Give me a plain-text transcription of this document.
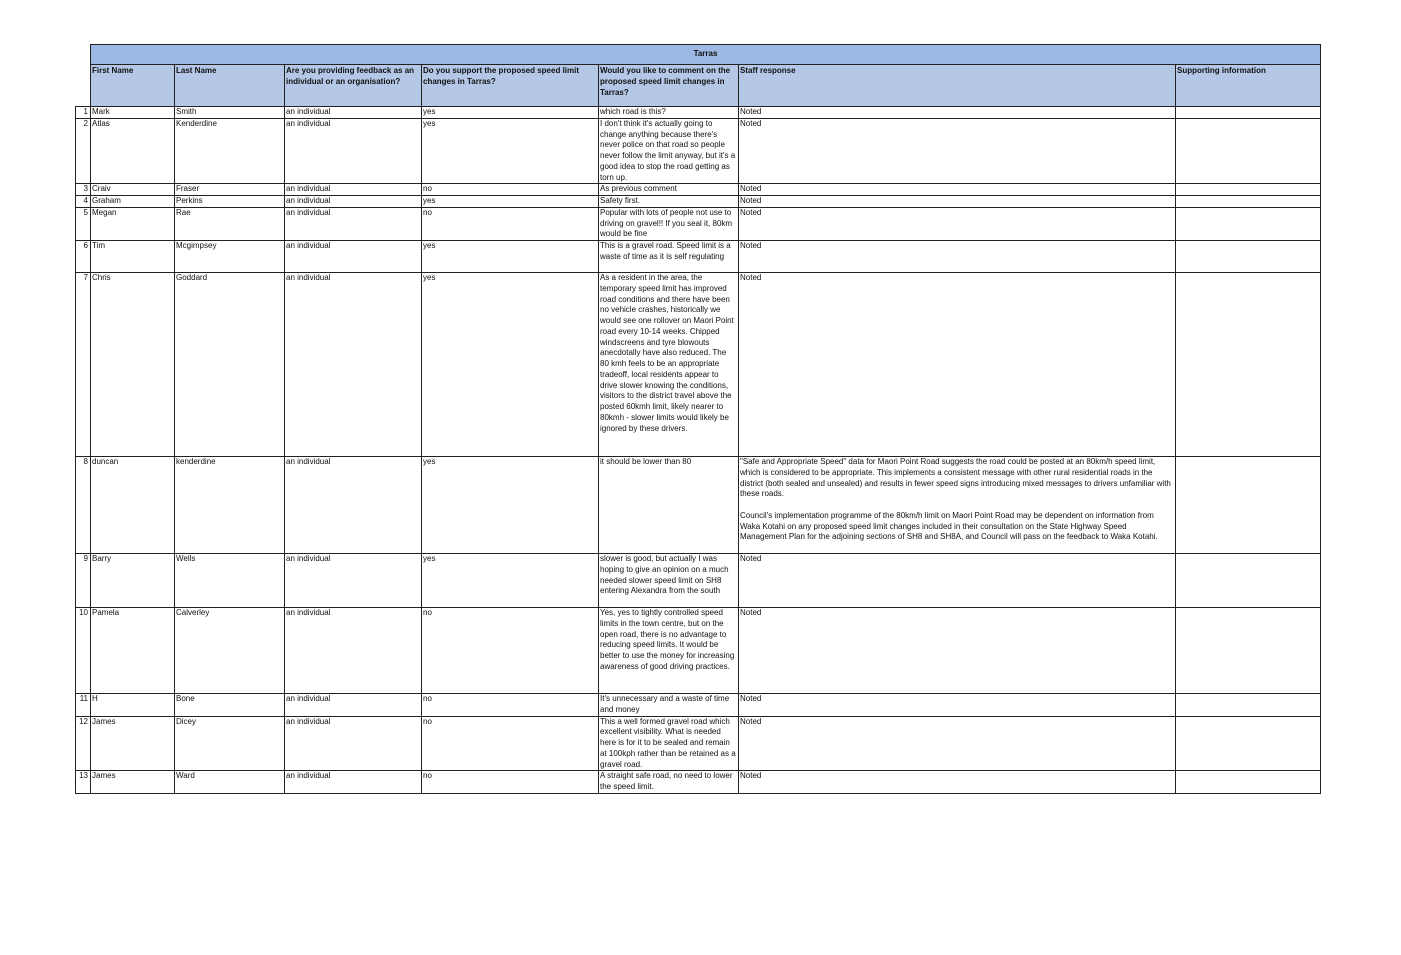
	Tarras						
	First Name	Last Name	Are you providing feedback as an individual or an organisation?	Do you support the proposed speed limit changes in Tarras?	Would you like to comment on the proposed speed limit changes in Tarras?	Staff response	Supporting information
1	Mark	Smith	an individual	yes	which road is this?	Noted	
2	Atlas	Kenderdine	an individual	yes	I don't think it's actually going to change anything because there's never police on that road so people never follow the limit anyway, but it's a good idea to stop the road getting as torn up.	Noted	
3	Craiv	Fraser	an individual	no	As previous comment	Noted	
4	Graham	Perkins	an individual	yes	Safety first.	Noted	
5	Megan	Rae	an individual	no	Popular with lots of people not use to driving on gravel!! If you seal it, 80km would be fine	Noted	
6	Tim	Mcgimpsey	an individual	yes	This is a gravel road. Speed limit is a waste of time as it is self regulating	Noted	
7	Chris	Goddard	an individual	yes	As a resident in the area, the temporary speed limit has improved road conditions and there have been no vehicle crashes, historically we would see one rollover on Maori Point road every 10-14 weeks. Chipped windscreens and tyre blowouts anecdotally have also reduced. The 80 kmh feels to be an appropriate tradeoff, local residents appear to drive slower knowing the conditions, visitors to the district travel above the posted 60kmh limit, likely nearer to 80kmh - slower limits would likely be ignored by these drivers.	Noted	
8	duncan	kenderdine	an individual	yes	it should be lower than 80	"Safe and Appropriate Speed" data for Maori Point Road suggests the road could be posted at an 80km/h speed limit, which is considered to be appropriate. This implements a consistent message with other rural residential roads in the district (both sealed and unsealed) and results in fewer speed signs introducing mixed messages to drivers unfamiliar with these roads.

Council's implementation programme of the 80km/h limit on Maori Point Road may be dependent on information from Waka Kotahi on any proposed speed limit changes included in their consultation on the State Highway Speed Management Plan for the adjoining sections of SH8 and SH8A, and Council will pass on the feedback to Waka Kotahi.	
9	Barry	Wells	an individual	yes	slower is good, but actually I was hoping to give an opinion on a much needed slower speed limit on SH8 entering Alexandra from the south	Noted	
10	Pamela	Calverley	an individual	no	Yes, yes to tightly controlled speed limits in the town centre, but on the open road, there is no advantage to reducing speed limits. It would be better to use the money for increasing awareness of good driving practices.	Noted	
11	H	Bone	an individual	no	It's unnecessary and a waste of time and money	Noted	
12	James	Dicey	an individual	no	This a well formed gravel road which excellent visibility. What is needed here is for it to be sealed and remain at 100kph rather than be retained as a gravel road.	Noted	
13	James	Ward	an individual	no	A straight safe road, no need to lower the speed limit.	Noted	
